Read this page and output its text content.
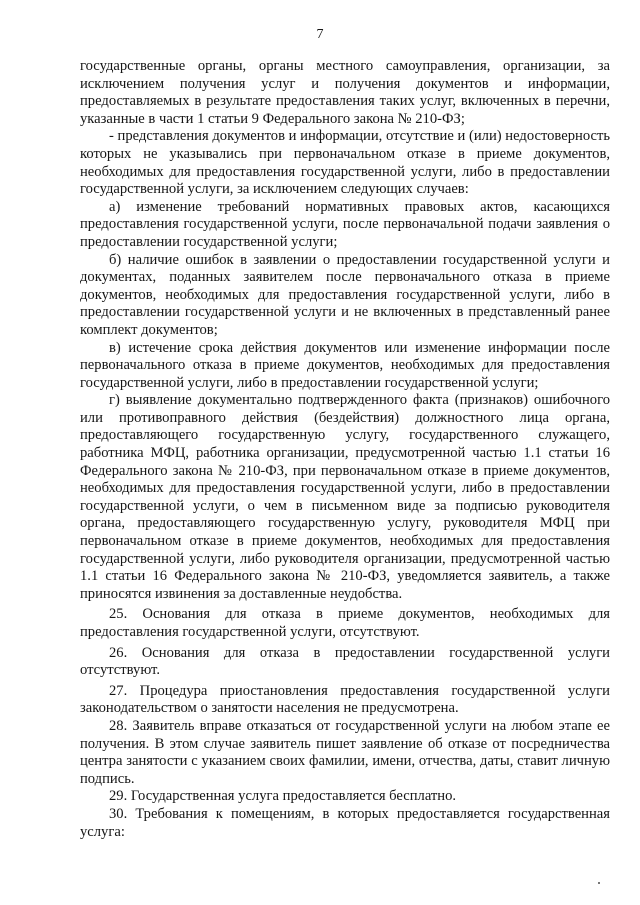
7

государственные органы, органы местного самоуправления, организации, за исключением получения услуг и получения документов и информации, предоставляемых в результате предоставления таких услуг, включенных в перечни, указанные в части 1 статьи 9 Федерального закона № 210-ФЗ;

- представления документов и информации, отсутствие и (или) недостоверность которых не указывались при первоначальном отказе в приеме документов, необходимых для предоставления государственной услуги, либо в предоставлении государственной услуги, за исключением следующих случаев:

а) изменение требований нормативных правовых актов, касающихся предоставления государственной услуги, после первоначальной подачи заявления о предоставлении государственной услуги;

б) наличие ошибок в заявлении о предоставлении государственной услуги и документах, поданных заявителем после первоначального отказа в приеме документов, необходимых для предоставления государственной услуги, либо в предоставлении государственной услуги и не включенных в представленный ранее комплект документов;

в) истечение срока действия документов или изменение информации после первоначального отказа в приеме документов, необходимых для предоставления государственной услуги, либо в предоставлении государственной услуги;

г) выявление документально подтвержденного факта (признаков) ошибочного или противоправного действия (бездействия) должностного лица органа, предоставляющего государственную услугу, государственного служащего, работника МФЦ, работника организации, предусмотренной частью 1.1 статьи 16 Федерального закона № 210-ФЗ, при первоначальном отказе в приеме документов, необходимых для предоставления государственной услуги, либо в предоставлении государственной услуги, о чем в письменном виде за подписью руководителя органа, предоставляющего государственную услугу, руководителя МФЦ при первоначальном отказе в приеме документов, необходимых для предоставления государственной услуги, либо руководителя организации, предусмотренной частью 1.1 статьи 16 Федерального закона № 210-ФЗ, уведомляется заявитель, а также приносятся извинения за доставленные неудобства.

25. Основания для отказа в приеме документов, необходимых для предоставления государственной услуги, отсутствуют.

26. Основания для отказа в предоставлении государственной услуги отсутствуют.

27. Процедура приостановления предоставления государственной услуги законодательством о занятости населения не предусмотрена.

28. Заявитель вправе отказаться от государственной услуги на любом этапе ее получения. В этом случае заявитель пишет заявление об отказе от посредничества центра занятости с указанием своих фамилии, имени, отчества, даты, ставит личную подпись.

29. Государственная услуга предоставляется бесплатно.

30. Требования к помещениям, в которых предоставляется государственная услуга:
